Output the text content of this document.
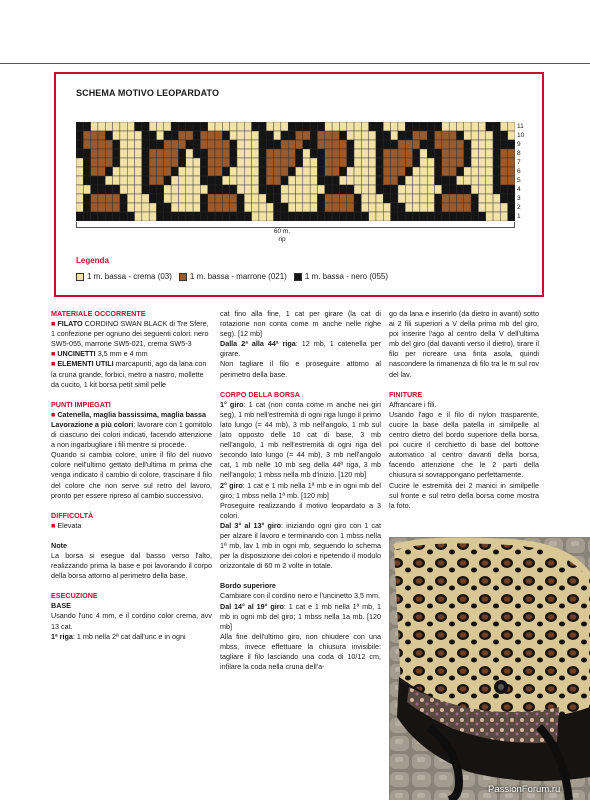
SCHEMA MOTIVO LEOPARDATO
11
10
9
8
7
6
5
4
3
2
1
60 m.
rip
Legenda
1 m. bassa - crema (03) 1 m. bassa - marrone (021) 1 m. bassa - nero (055)

MATERIALE OCCORRENTE

■ FILATO CORDINO SWAN BLACK di Tre Sfere, 1 confezione per ognuno dei seguenti colori: nero SW5-055, marrone SW5-021, crema SW5-3

■ UNCINETTI 3,5 mm e 4 mm

■ ELEMENTI UTILI marcapunti, ago da lana con la cruna grande, forbici, metro a nastro, mollette da cucito, 1 kit borsa petit simil pelle

PUNTI IMPIEGATI

■ Catenella, maglia bassissima, maglia bassa

Lavorazione a più colori: lavorare con 1 gomitolo di ciascuno dei colori indicati, facendo attenzione a non ingarbugliare i fili mentre si procede.

Quando si cambia colore, unire il filo del nuovo colore nell'ultimo gettato dell'ultima m prima che venga indicato il cambio di colore, trascinare il filo del colore che non serve sul retro del lavoro, pronto per essere ripreso al cambio successivo.

DIFFICOLTÀ

■ Elevata

Note

La borsa si esegue dal basso verso l'alto, realizzando prima la base e poi lavorando il corpo della borsa attorno al perimetro della base.

ESECUZIONE

BASE

Usando l'unc 4 mm, e il cordino color crema, avv 13 cat.

1ª riga: 1 mb nella 2ª cat dall'unc e in ogni

cat fino alla fine, 1 cat per girare (la cat di rotazione non conta come m anche nelle righe seg). [12 mb]

Dalla 2ª alla 44ª riga: 12 mb, 1 catenella per girare.

Non tagliare il filo e proseguire attorno al perimetro della base.

CORPO DELLA BORSA

1° giro: 1 cat (non conta come m anche nei giri seg), 1 mb nell'estremità di ogni riga lungo il primo lato lungo (= 44 mb), 3 mb nell'angolo, 1 mb sul lato opposto delle 10 cat di base, 3 mb nell'angolo, 1 mb nell'estremità di ogni riga del secondo lato lungo (= 44 mb), 3 mb nell'angolo cat, 1 mb nelle 10 mb seg della 44ª riga, 3 mb nell'angolo; 1 mbss nella mb d'inizio. [120 mb]

2° giro: 1 cat e 1 mb nella 1ª mb e in ogni mb del giro; 1 mbss nella 1ª mb. [120 mb]

Proseguire realizzando il motivo leopardato a 3 colori.

Dal 3° al 13° giro: iniziando ogni giro con 1 cat per alzare il lavoro e terminando con 1 mbss nella 1ª mb, lav 1 mb in ogni mb, seguendo lo schema per la disposizione dei colori e ripetendo il modulo orizzontale di 60 m 2 volte in totale.

Bordo superiore

Cambiare con il cordino nero e l'uncinetto 3,5 mm.

Dal 14° al 19° giro: 1 cat e 1 mb nella 1ª mb, 1 mb in ogni mb del giro; 1 mbss nella 1a mb. [120 mb]

Alla fine dell'ultimo giro, non chiudere con una mbss, invece effettuare la chiusura invisibile: tagliare il filo lasciando una coda di 10/12 cm, infilare la coda nella cruna dell'a-

go da lana e inserirlo (da dietro in avanti) sotto ai 2 fili superiori a V della prima mb del giro, poi inserire l'ago al centro della V dell'ultima mb del giro (dal davanti verso il dietro), tirare il filo per ricreare una finta asola, quindi nascondere la rimanenza di filo tra le m sul rov del lav.

FINITURE

Affrancare i fili.

Usando l'ago e il filo di nylon trasparente, cucire la base della patella in similpelle al centro dietro del bordo superiore della borsa, poi cucire il cerchietto di base del bottone automatico al centro davanti della borsa, facendo attenzione che le 2 parti della chiusura si sovrappongano perfettamente.

Cucire le estremità dei 2 manici in similpelle sul fronte e sul retro della borsa come mostra la foto.

PassionForum.ru
